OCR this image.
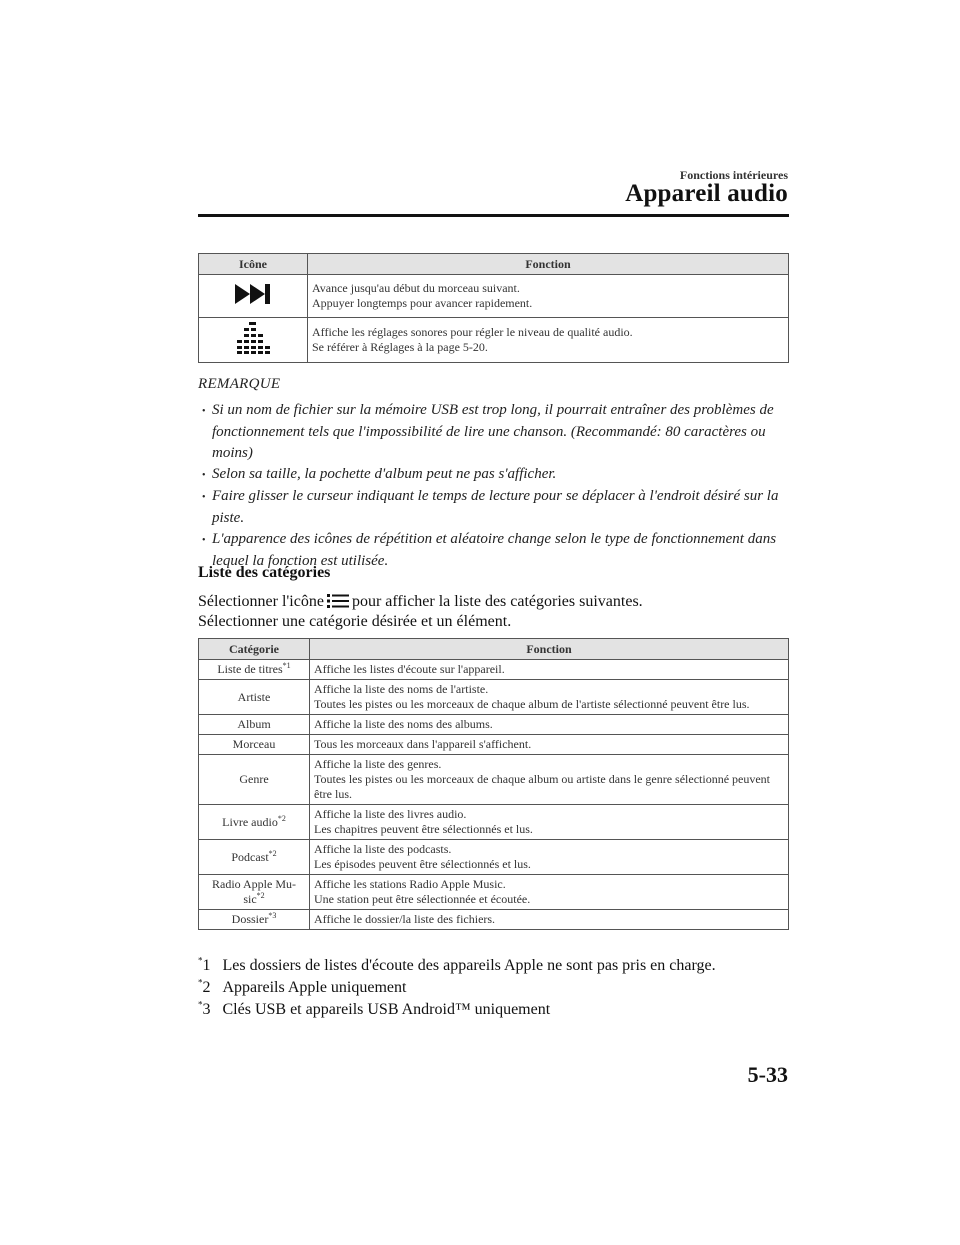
Fonctions intérieures
Appareil audio
Icône	Fonction

Avance jusqu'au début du morceau suivant.
Appuyer longtemps pour avancer rapidement.

Affiche les réglages sonores pour régler le niveau de qualité audio.
Se référer à Réglages à la page 5-20.
REMARQUE

• Si un nom de fichier sur la mémoire USB est trop long, il pourrait entraîner des problèmes de fonctionnement tels que l'impossibilité de lire une chanson. (Recommandé: 80 caractères ou moins)

• Selon sa taille, la pochette d'album peut ne pas s'afficher.

• Faire glisser le curseur indiquant le temps de lecture pour se déplacer à l'endroit désiré sur la piste.

• L'apparence des icônes de répétition et aléatoire change selon le type de fonctionnement dans lequel la fonction est utilisée.

Liste des catégories
Sélectionner l'icône pour afficher la liste des catégories suivantes.
Sélectionner une catégorie désirée et un élément.
Catégorie	Fonction
Liste de titres$^{*1}$	Affiche les listes d'écoute sur l'appareil.

Artiste	Affiche la liste des noms de l'artiste.
Toutes les pistes ou les morceaux de chaque album de l'artiste sélectionné peuvent être lus.

Album	Affiche la liste des noms des albums.

Morceau	Tous les morceaux dans l'appareil s'affichent.

Genre	Affiche la liste des genres.
Toutes les pistes ou les morceaux de chaque album ou artiste dans le genre sélectionné peuvent être lus.

Livre audio$^{*2}$	Affiche la liste des livres audio.
Les chapitres peuvent être sélectionnés et lus.

Podcast$^{*2}$	Affiche la liste des podcasts.
Les épisodes peuvent être sélectionnés et lus.

Radio Apple Mu-sic$^{*2}$	Affiche les stations Radio Apple Music.
Une station peut être sélectionnée et écoutée.

Dossier$^{*3}$	Affiche le dossier/la liste des fichiers.
*1 Les dossiers de listes d'écoute des appareils Apple ne sont pas pris en charge.
*2 Appareils Apple uniquement
*3 Clés USB et appareils USB Android™ uniquement
5-33
